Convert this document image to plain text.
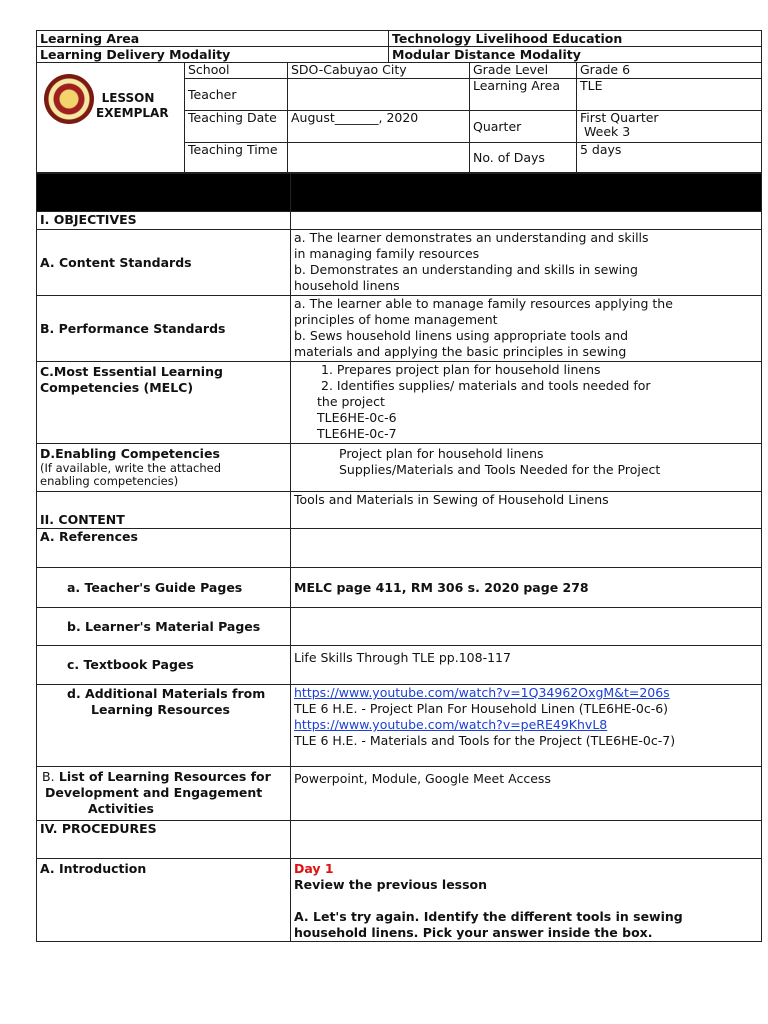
Learning Area	Technology Livelihood Education
Learning Delivery Modality	Modular Distance Modality
LESSON EXEMPLAR	School	SDO-Cabuyao City	Grade Level	Grade 6
	Teacher		Learning Area	TLE
	Teaching Date	August_______, 2020	Quarter	First Quarter
Week 3

	Teaching Time		No. of Days	5 days

I. OBJECTIVES	
A. Content Standards	a. The learner demonstrates an understanding and skills
in managing family resources
b. Demonstrates an understanding and skills in sewing
household linens

B. Performance Standards	a. The learner able to manage family resources applying the
principles of home management
b. Sews household linens using appropriate tools and
materials and applying the basic principles in sewing

C.Most Essential Learning
Competencies (MELC)	1. Prepares project plan for household linens
2. Identifies supplies/ materials and tools needed for
the project
TLE6HE-0c-6
TLE6HE-0c-7

D.Enabling Competencies
(If available, write the attached
enabling competencies)	Project plan for household linens
Supplies/Materials and Tools Needed for the Project

II. CONTENT	Tools and Materials in Sewing of Household Linens
A. References	
a. Teacher's Guide Pages	MELC page 411, RM 306 s. 2020 page 278
b. Learner's Material Pages	
c. Textbook Pages	Life Skills Through TLE pp.108-117

d. Additional Materials from
Learning Resources	https://www.youtube.com/watch?v=1Q34962OxgM&t=206s
TLE 6 H.E. - Project Plan For Household Linen (TLE6HE-0c-6)
https://www.youtube.com/watch?v=peRE49KhvL8
TLE 6 H.E. - Materials and Tools for the Project (TLE6HE-0c-7)

B. List of Learning Resources for
Development and Engagement
Activities	Powerpoint, Module, Google Meet Access
IV. PROCEDURES	
A. Introduction	Day 1
Review the previous lesson
A. Let's try again. Identify the different tools in sewing
household linens. Pick your answer inside the box.
